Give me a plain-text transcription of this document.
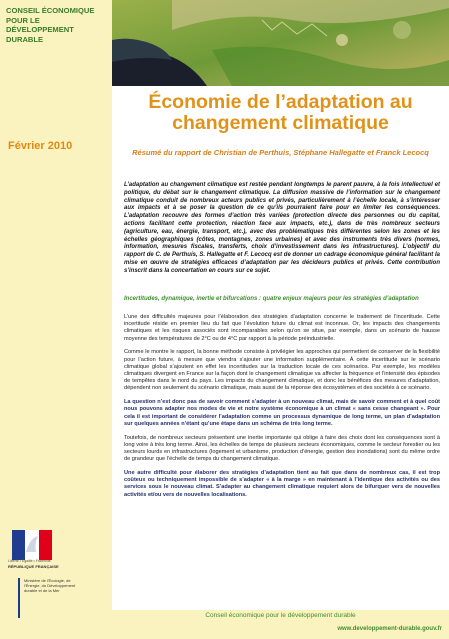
CONSEIL ÉCONOMIQUE POUR LE DÉVELOPPEMENT DURABLE
Février 2010
Liberté • Égalité • Fraternité
RÉPUBLIQUE FRANÇAISE
Ministère de l'Écologie, de l'Énergie, du Développement durable et de la Mer
Économie de l’adaptation au changement climatique
Résumé du rapport de Christian de Perthuis, Stéphane Hallegatte et Franck Lecocq
L’adaptation au changement climatique est restée pendant longtemps le parent pauvre, à la fois intellectuel et politique, du débat sur le changement climatique. La diffusion massive de l’information sur le changement climatique conduit de nombreux acteurs publics et privés, particulièrement à l’échelle locale, à s’intéresser aux impacts et à se poser la question de ce qu’ils pourraient faire pour en limiter les conséquences. L’adaptation recouvre des formes d’action très variées (protection directe des personnes ou du capital, actions facilitant cette protection, réaction face aux impacts, etc.), dans de très nombreux secteurs (agriculture, eau, énergie, transport, etc.), avec des problématiques très différentes selon les zones et les échelles géographiques (côtes, montagnes, zones urbaines) et avec des instruments très divers (normes, information, mesures fiscales, transferts, choix d’investissement dans les infrastructures). L’objectif du rapport de C. de Perthuis, S. Hallegatte et F. Lecocq est de donner un cadrage économique général facilitant la mise en œuvre de stratégies efficaces d’adaptation par les décideurs publics et privés. Cette contribution s’inscrit dans la concertation en cours sur ce sujet.
Incertitudes, dynamique, inertie et bifurcations : quatre enjeux majeurs pour les stratégies d’adaptation

L’une des difficultés majeures pour l’élaboration des stratégies d’adaptation concerne le traitement de l’incertitude. Cette incertitude réside en premier lieu du fait que l’évolution future du climat est inconnue. Or, les impacts des changements climatiques et les risques associés sont incomparables selon qu’on se situe, par exemple, dans un scénario de hausse moyenne des températures de 2°C ou de 4°C par rapport à la période préindustrielle.

Comme le montre le rapport, la bonne méthode consiste à privilégier les approches qui permettent de conserver de la flexibilité pour l’action future, à mesure que viendra s’ajouter une information supplémentaire. À cette incertitude sur le scénario climatique global s’ajoutent en effet les incertitudes sur la traduction locale de ces scénarios. Par exemple, les modèles climatiques divergent en France sur la façon dont le changement climatique va affecter la fréquence et l’intensité des épisodes de tempêtes dans le nord du pays. Les impacts du changement climatique, et donc les bénéfices des mesures d’adaptation, dépendent non seulement du scénario climatique, mais aussi de la réponse des écosystèmes et des sociétés à ce scénario.

La question n’est donc pas de savoir comment s’adapter à un nouveau climat, mais de savoir comment et à quel coût nous pouvons adapter nos modes de vie et notre système économique à un climat « sans cesse changeant ». Pour cela il est important de considérer l’adaptation comme un processus dynamique de long terme, un plan d’adaptation sur quelques années n’étant qu’une étape dans un schéma de très long terme.

Toutefois, de nombreux secteurs présentent une inertie importante qui oblige à faire des choix dont les conséquences sont à long voire à très long terme. Ainsi, les échelles de temps de plusieurs secteurs économiques, comme le secteur forestier ou les secteurs lourds en infrastructures (logement et urbanisme, production d’énergie, gestion des inondations) sont du même ordre de grandeur que l’échelle de temps du changement climatique.

Une autre difficulté pour élaborer des stratégies d’adaptation tient au fait que dans de nombreux cas, il est trop coûteux ou techniquement impossible de s’adapter « à la marge » en maintenant à l’identique des activités ou des services sous le nouveau climat. S’adapter au changement climatique requiert alors de bifurquer vers de nouvelles activités et/ou vers de nouvelles localisations.

Conseil économique pour le développement durable
www.developpement-durable.gouv.fr
